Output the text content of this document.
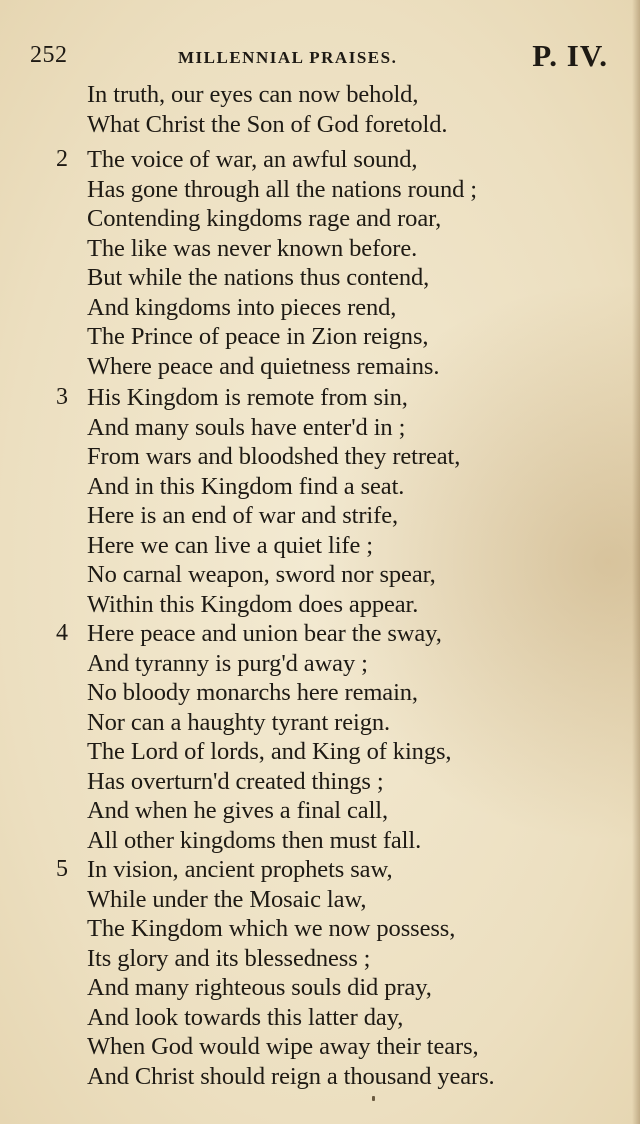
252	MILLENNIAL PRAISES.	P. IV.
In truth, our eyes can now behold,
What Christ the Son of God foretold.
2 The voice of war, an awful sound,
Has gone through all the nations round ;
Contending kingdoms rage and roar,
The like was never known before.
But while the nations thus contend,
And kingdoms into pieces rend,
The Prince of peace in Zion reigns,
Where peace and quietness remains.
3 His Kingdom is remote from sin,
And many souls have enter'd in ;
From wars and bloodshed they retreat,
And in this Kingdom find a seat.
Here is an end of war and strife,
Here we can live a quiet life ;
No carnal weapon, sword nor spear,
Within this Kingdom does appear.
4 Here peace and union bear the sway,
And tyranny is purg'd away ;
No bloody monarchs here remain,
Nor can a haughty tyrant reign.
The Lord of lords, and King of kings,
Has overturn'd created things ;
And when he gives a final call,
All other kingdoms then must fall.
5 In vision, ancient prophets saw,
While under the Mosaic law,
The Kingdom which we now possess,
Its glory and its blessedness ;
And many righteous souls did pray,
And look towards this latter day,
When God would wipe away their tears,
And Christ should reign a thousand years.
